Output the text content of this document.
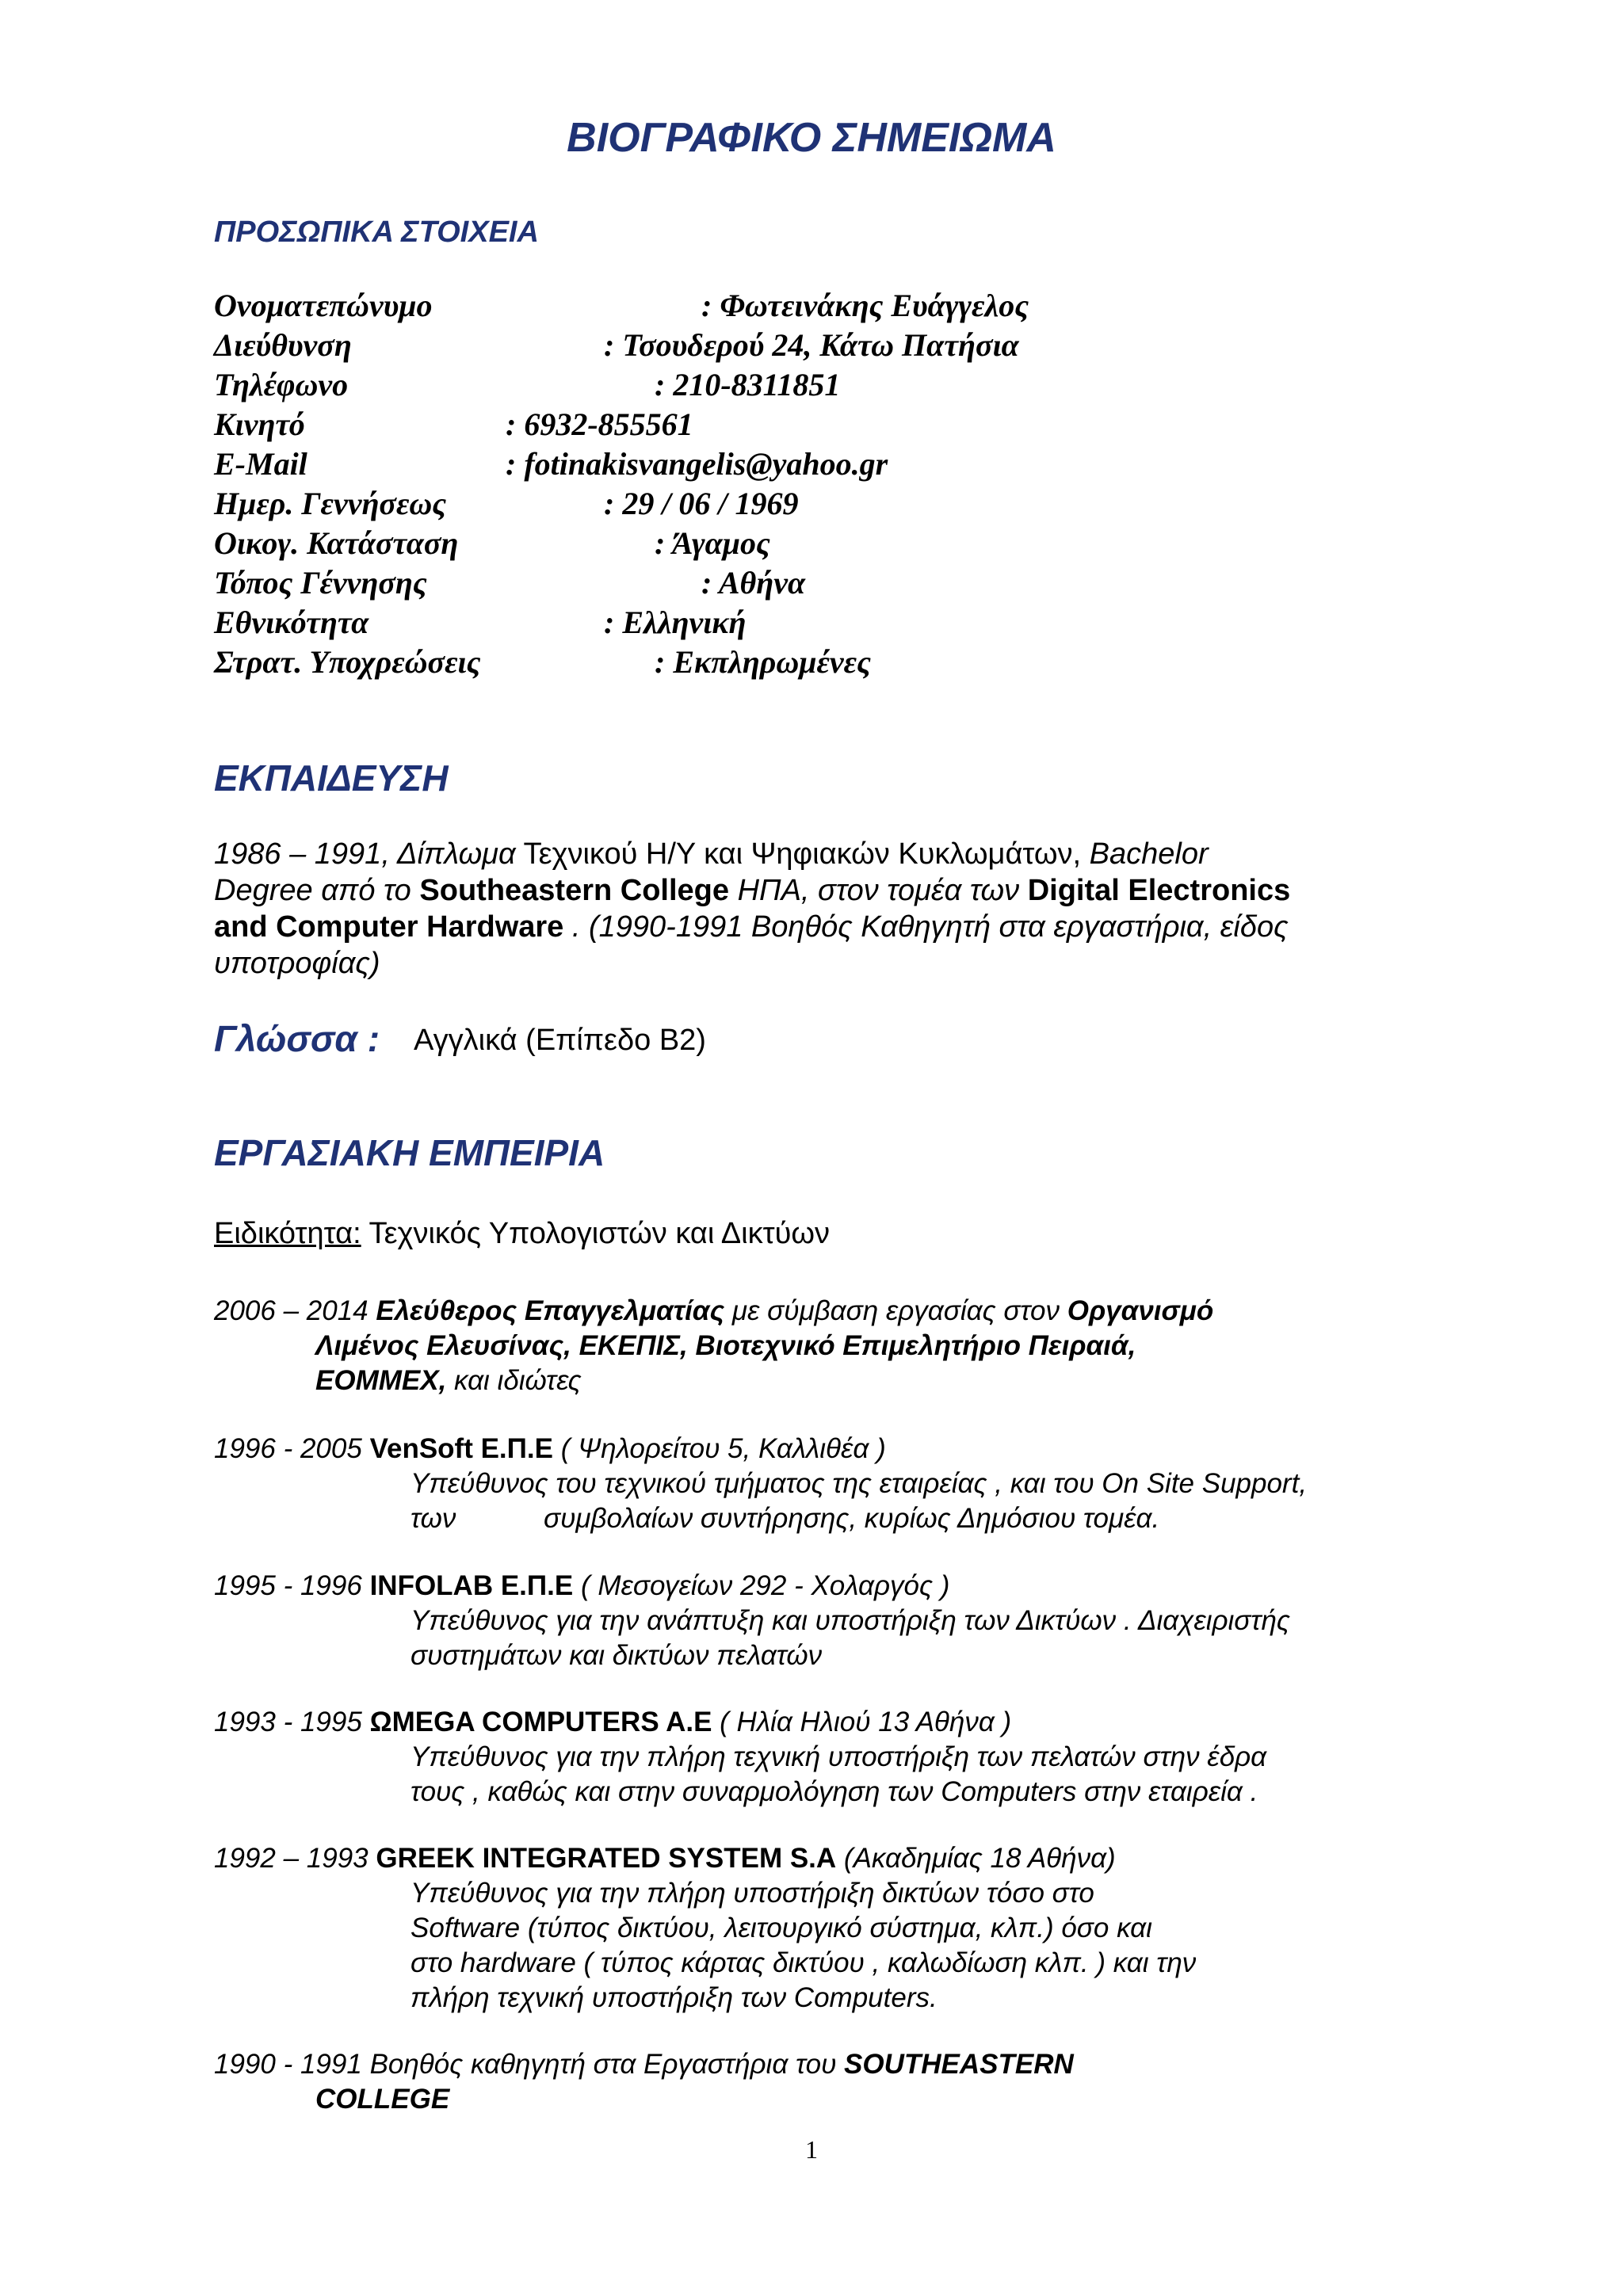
ΒΙΟΓΡΑΦΙΚΟ ΣΗΜΕΙΩΜΑ
ΠΡΟΣΩΠΙΚΑ ΣΤΟΙΧΕΙΑ
Ονοματεπώνυμο	: Φωτεινάκης Ευάγγελος
Διεύθυνση	: Τσουδερού 24, Κάτω Πατήσια
Τηλέφωνο	: 210-8311851
Κινητό	: 6932-855561
E-Mail	: fotinakisvangelis@yahoo.gr
Ημερ. Γεννήσεως	: 29 / 06 / 1969
Οικογ. Κατάσταση	: Άγαμος
Τόπος Γέννησης	: Αθήνα
Εθνικότητα	: Ελληνική
Στρατ. Υποχρεώσεις	: Εκπληρωμένες
ΕΚΠΑΙΔΕΥΣΗ
1986 – 1991, Δίπλωμα Τεχνικού Η/Υ και Ψηφιακών Κυκλωμάτων, Bachelor
Degree από το Southeastern College ΗΠΑ, στον τομέα των Digital Electronics
and Computer Hardware . (1990-1991 Βοηθός Καθηγητή στα εργαστήρια, είδος
υποτροφίας)
Γλώσσα : Αγγλικά (Επίπεδο Β2)
ΕΡΓΑΣΙΑΚΗ ΕΜΠΕΙΡΙΑ
Ειδικότητα: Τεχνικός Υπολογιστών και Δικτύων
2006 – 2014 Ελεύθερος Επαγγελματίας με σύμβαση εργασίας στον Οργανισμό
Λιμένος Ελευσίνας, ΕΚΕΠΙΣ, Βιοτεχνικό Επιμελητήριο Πειραιά,
ΕΟΜΜΕΧ, και ιδιώτες
1996 - 2005 VenSoft Ε.Π.Ε ( Ψηλορείτου 5, Καλλιθέα )
Υπεύθυνος του τεχνικού τμήματος της εταιρείας , και του On Site Support,
των	συμβολαίων συντήρησης, κυρίως Δημόσιου τομέα.
1995 - 1996 INFOLAB Ε.Π.Ε ( Μεσογείων 292 - Χολαργός )
Υπεύθυνος για την ανάπτυξη και υποστήριξη των Δικτύων . Διαχειριστής
συστημάτων και δικτύων πελατών
1993 - 1995 ΩMEGA COMPUTERS A.E ( Ηλία Ηλιού 13 Αθήνα )
Υπεύθυνος για την πλήρη τεχνική υποστήριξη των πελατών στην έδρα
τους , καθώς και στην συναρμολόγηση των Computers στην εταιρεία .
1992 – 1993 GREEK INTEGRATED SYSTEM S.A (Ακαδημίας 18 Αθήνα)
Υπεύθυνος για την πλήρη υποστήριξη δικτύων τόσο στο
Software (τύπος δικτύου, λειτουργικό σύστημα, κλπ.) όσο και
στο hardware ( τύπος κάρτας δικτύου , καλωδίωση κλπ. ) και την
πλήρη τεχνική υποστήριξη των Computers.
1990 - 1991 Βοηθός καθηγητή στα Εργαστήρια του SOUTHEASTERN
COLLEGE
1
